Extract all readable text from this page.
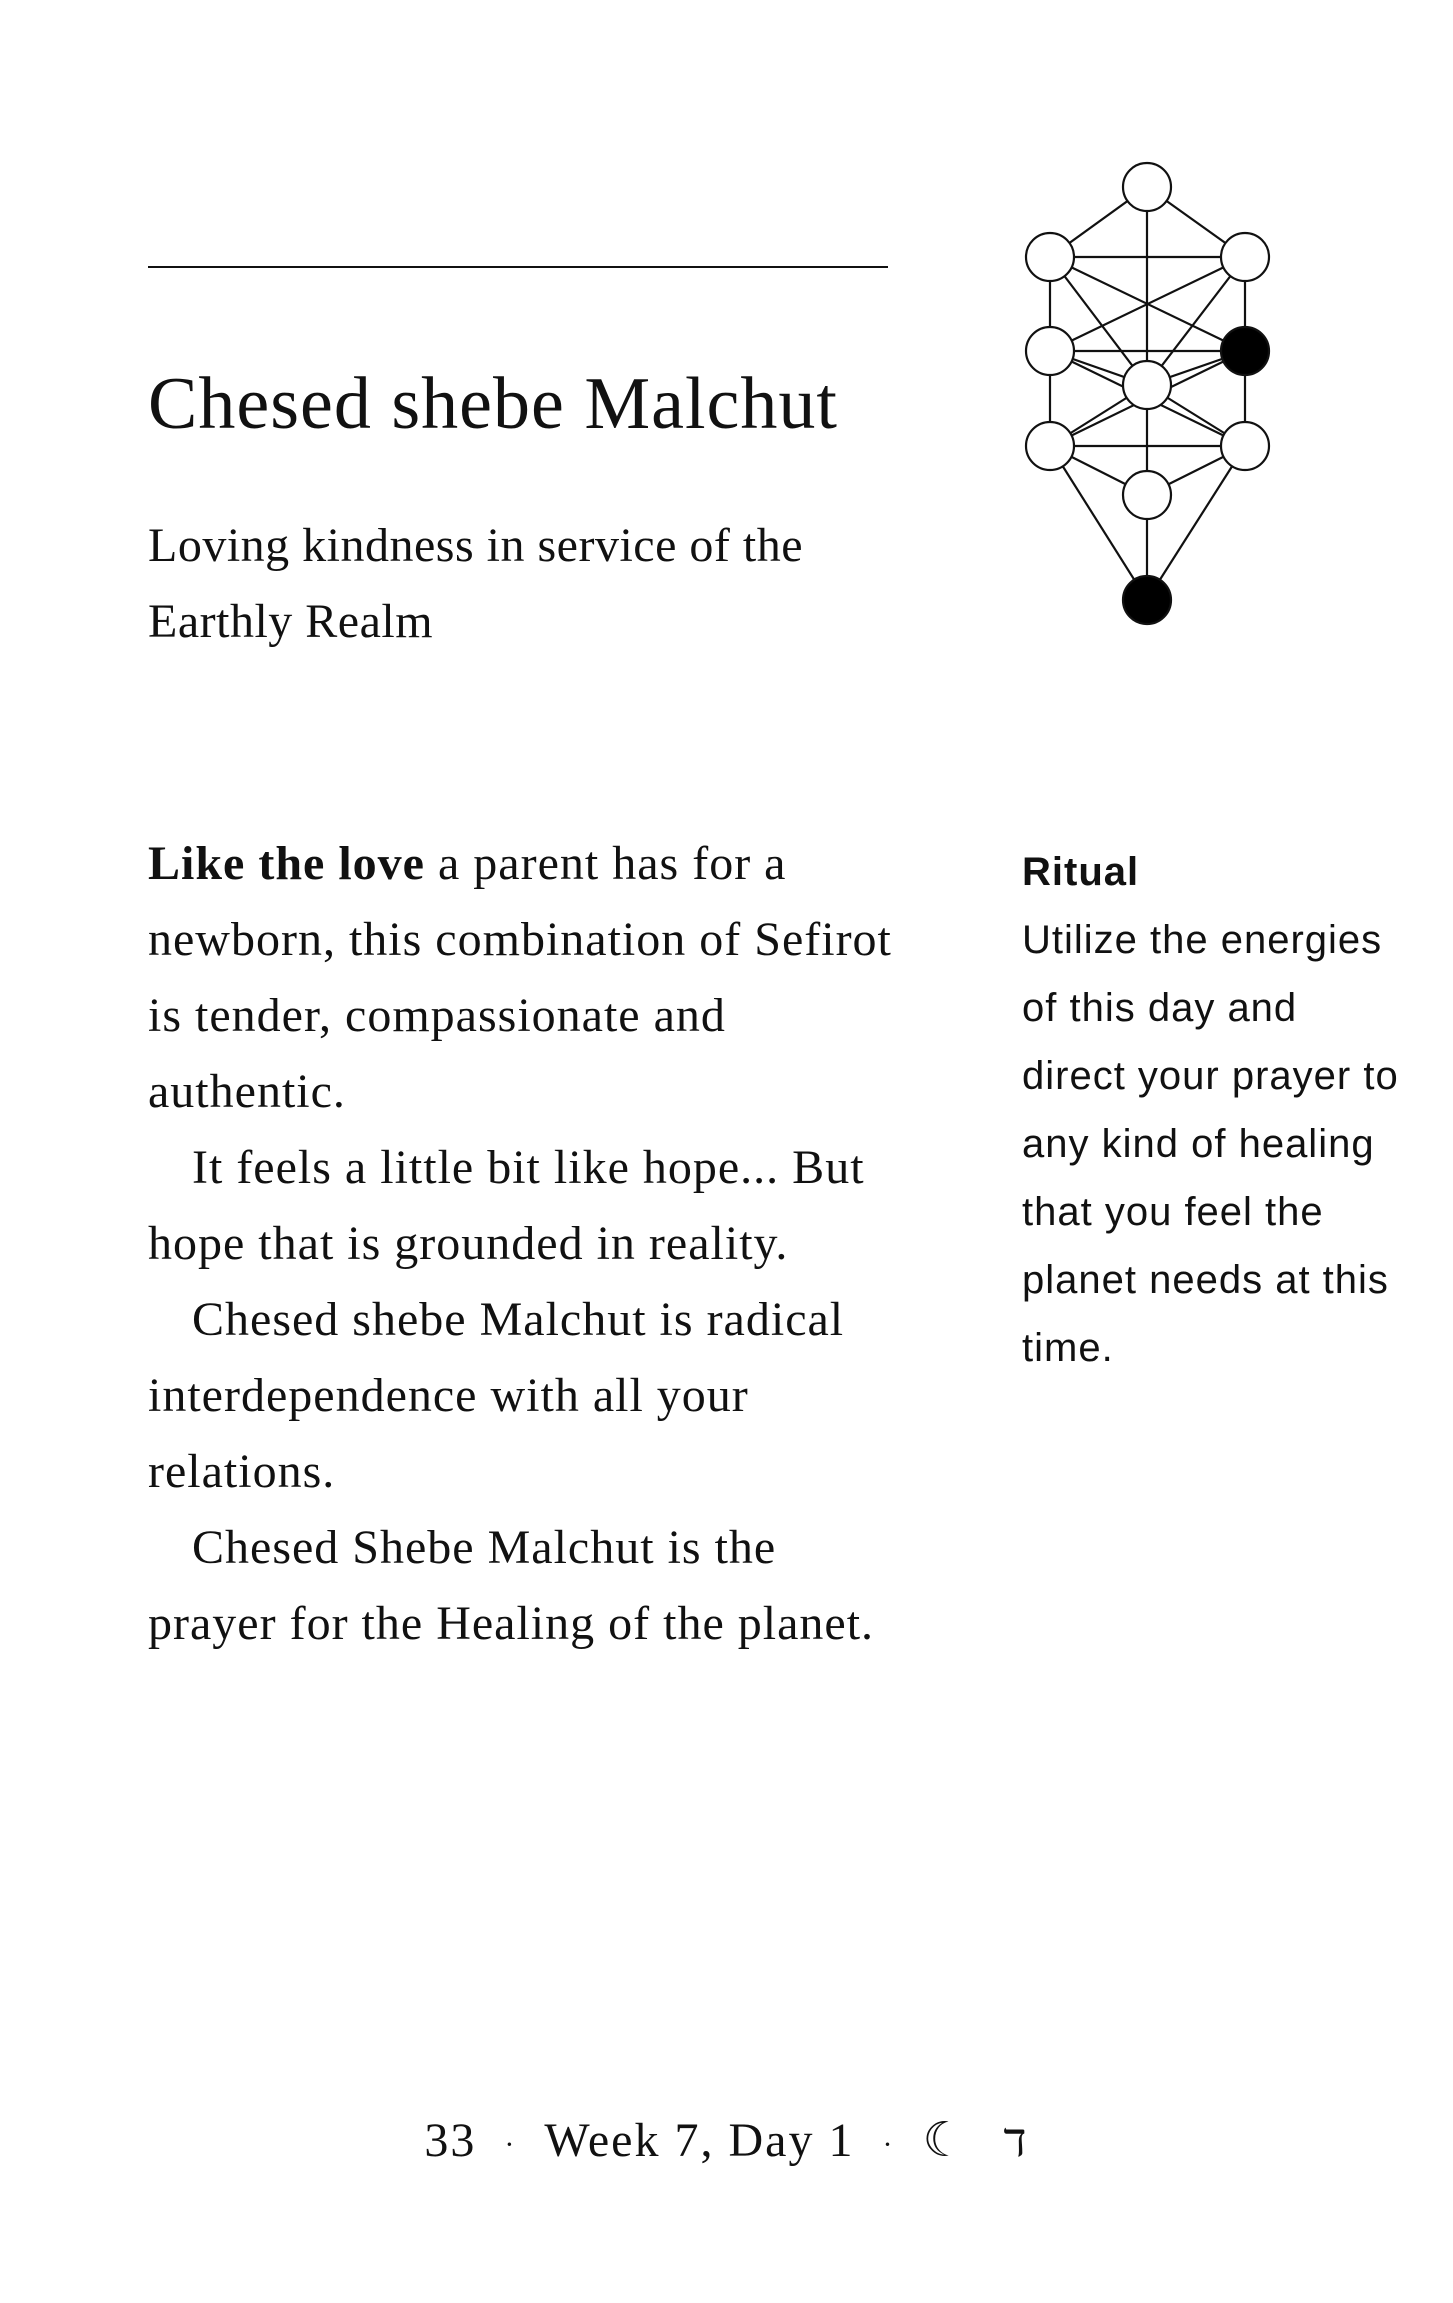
Chesed shebe Malchut

Loving kindness in service of the Earthly Realm

Like the love a parent has for a newborn, this combination of Sefirot is tender, compassionate and authentic.

It feels a little bit like hope... But hope that is grounded in reality.

Chesed shebe Malchut is radical interdependence with all your relations.

Chesed Shebe Malchut is the prayer for the Healing of the planet.

Ritual

Utilize the energies of this day and direct your prayer to any kind of healing that you feel the planet needs at this time.

33 · Week 7, Day 1 · ☾ ד
